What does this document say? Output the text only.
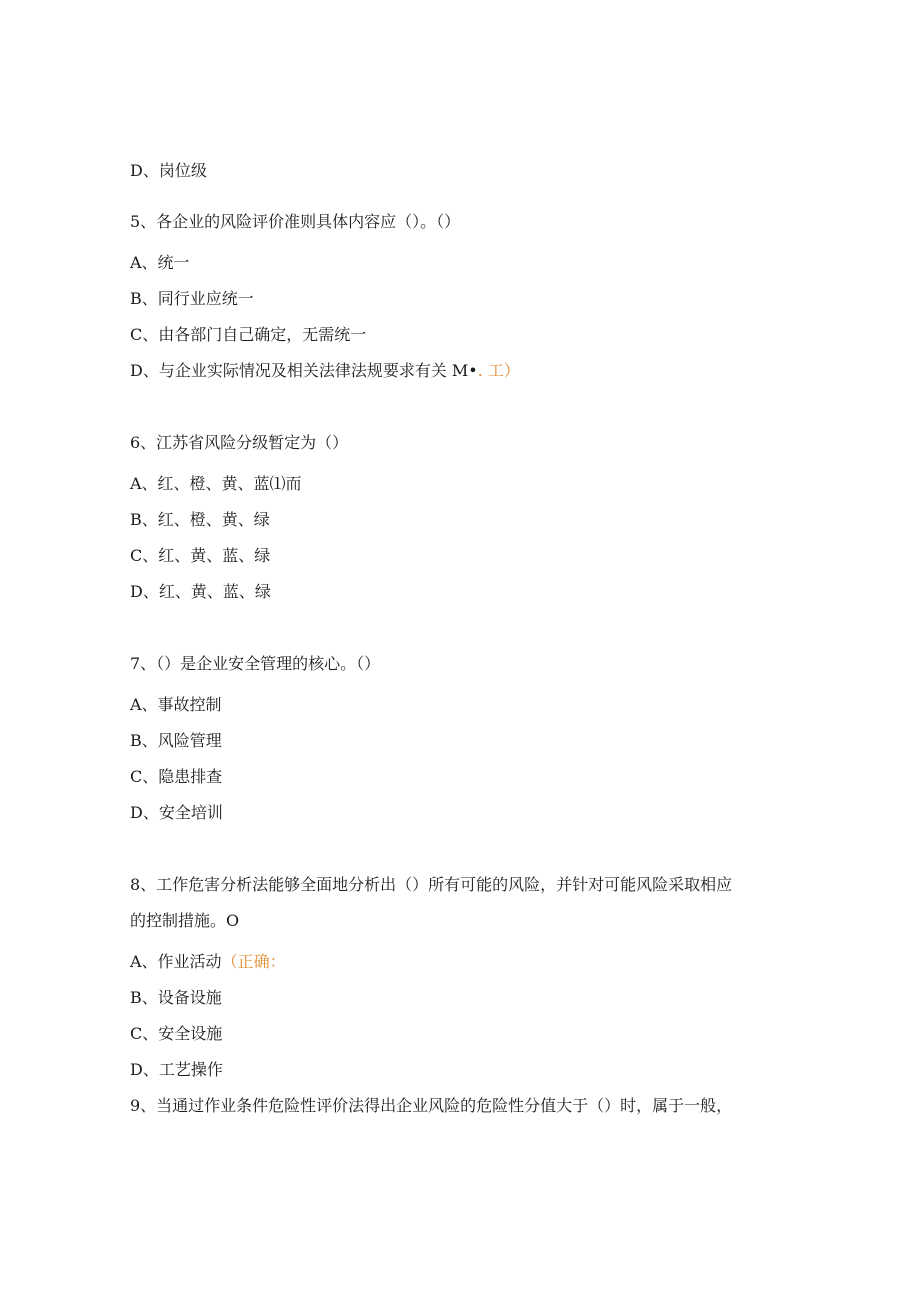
D、岗位级
5、各企业的风险评价准则具体内容应（）。（）
A、统一
B、同行业应统一
C、由各部门自己确定，无需统一
D、与企业实际情况及相关法律法规要求有关 M•. 工）
6、江苏省风险分级暂定为（）
A、红、橙、黄、蓝⑴而
B、红、橙、黄、绿
C、红、黄、蓝、绿
D、红、黄、蓝、绿
7、（）是企业安全管理的核心。（）
A、事故控制
B、风险管理
C、隐患排查
D、安全培训
8、工作危害分析法能够全面地分析出（）所有可能的风险，并针对可能风险采取相应
的控制措施。O
A、作业活动（正确：
B、设备设施
C、安全设施
D、工艺操作
9、当通过作业条件危险性评价法得出企业风险的危险性分值大于（）时，属于一般，
